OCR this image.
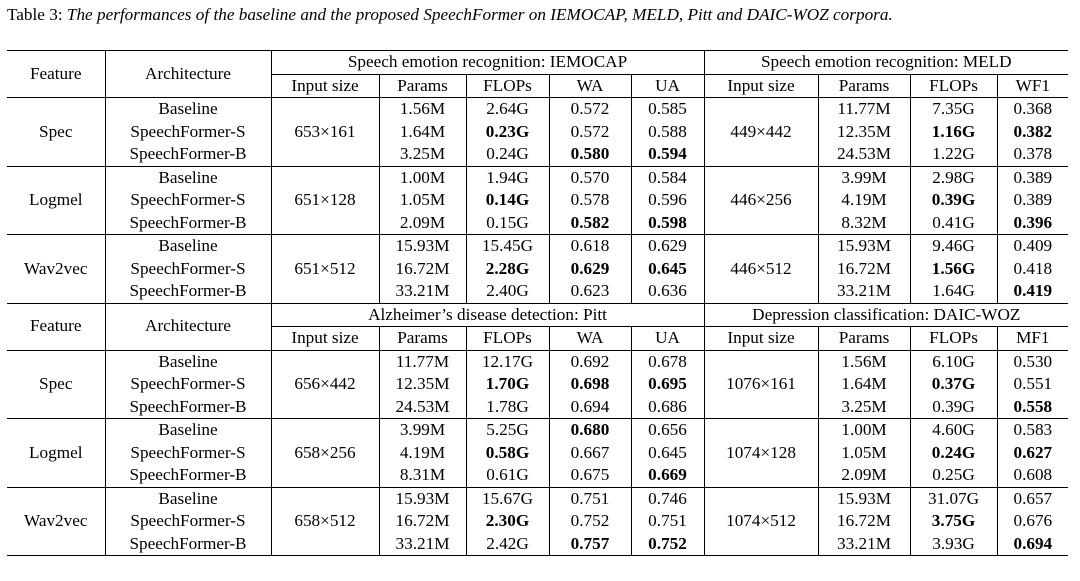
Table 3: The performances of the baseline and the proposed SpeechFormer on IEMOCAP, MELD, Pitt and DAIC-WOZ corpora.
Feature	Architecture	Speech emotion recognition: IEMOCAP					Speech emotion recognition: MELD			
		Input size	Params	FLOPs	WA	UA	Input size	Params	FLOPs	WF1
Spec	Baseline	653×161	1.56M	2.64G	0.572	0.585	449×442	11.77M	7.35G	0.368
	SpeechFormer-S		1.64M	0.23G	0.572	0.588		12.35M	1.16G	0.382
	SpeechFormer-B		3.25M	0.24G	0.580	0.594		24.53M	1.22G	0.378
Logmel	Baseline	651×128	1.00M	1.94G	0.570	0.584	446×256	3.99M	2.98G	0.389
	SpeechFormer-S		1.05M	0.14G	0.578	0.596		4.19M	0.39G	0.389
	SpeechFormer-B		2.09M	0.15G	0.582	0.598		8.32M	0.41G	0.396
Wav2vec	Baseline	651×512	15.93M	15.45G	0.618	0.629	446×512	15.93M	9.46G	0.409
	SpeechFormer-S		16.72M	2.28G	0.629	0.645		16.72M	1.56G	0.418
	SpeechFormer-B		33.21M	2.40G	0.623	0.636		33.21M	1.64G	0.419
Feature	Architecture	Alzheimer’s disease detection: Pitt					Depression classification: DAIC-WOZ			
		Input size	Params	FLOPs	WA	UA	Input size	Params	FLOPs	MF1
Spec	Baseline	656×442	11.77M	12.17G	0.692	0.678	1076×161	1.56M	6.10G	0.530
	SpeechFormer-S		12.35M	1.70G	0.698	0.695		1.64M	0.37G	0.551
	SpeechFormer-B		24.53M	1.78G	0.694	0.686		3.25M	0.39G	0.558
Logmel	Baseline	658×256	3.99M	5.25G	0.680	0.656	1074×128	1.00M	4.60G	0.583
	SpeechFormer-S		4.19M	0.58G	0.667	0.645		1.05M	0.24G	0.627
	SpeechFormer-B		8.31M	0.61G	0.675	0.669		2.09M	0.25G	0.608
Wav2vec	Baseline	658×512	15.93M	15.67G	0.751	0.746	1074×512	15.93M	31.07G	0.657
	SpeechFormer-S		16.72M	2.30G	0.752	0.751		16.72M	3.75G	0.676
	SpeechFormer-B		33.21M	2.42G	0.757	0.752		33.21M	3.93G	0.694
